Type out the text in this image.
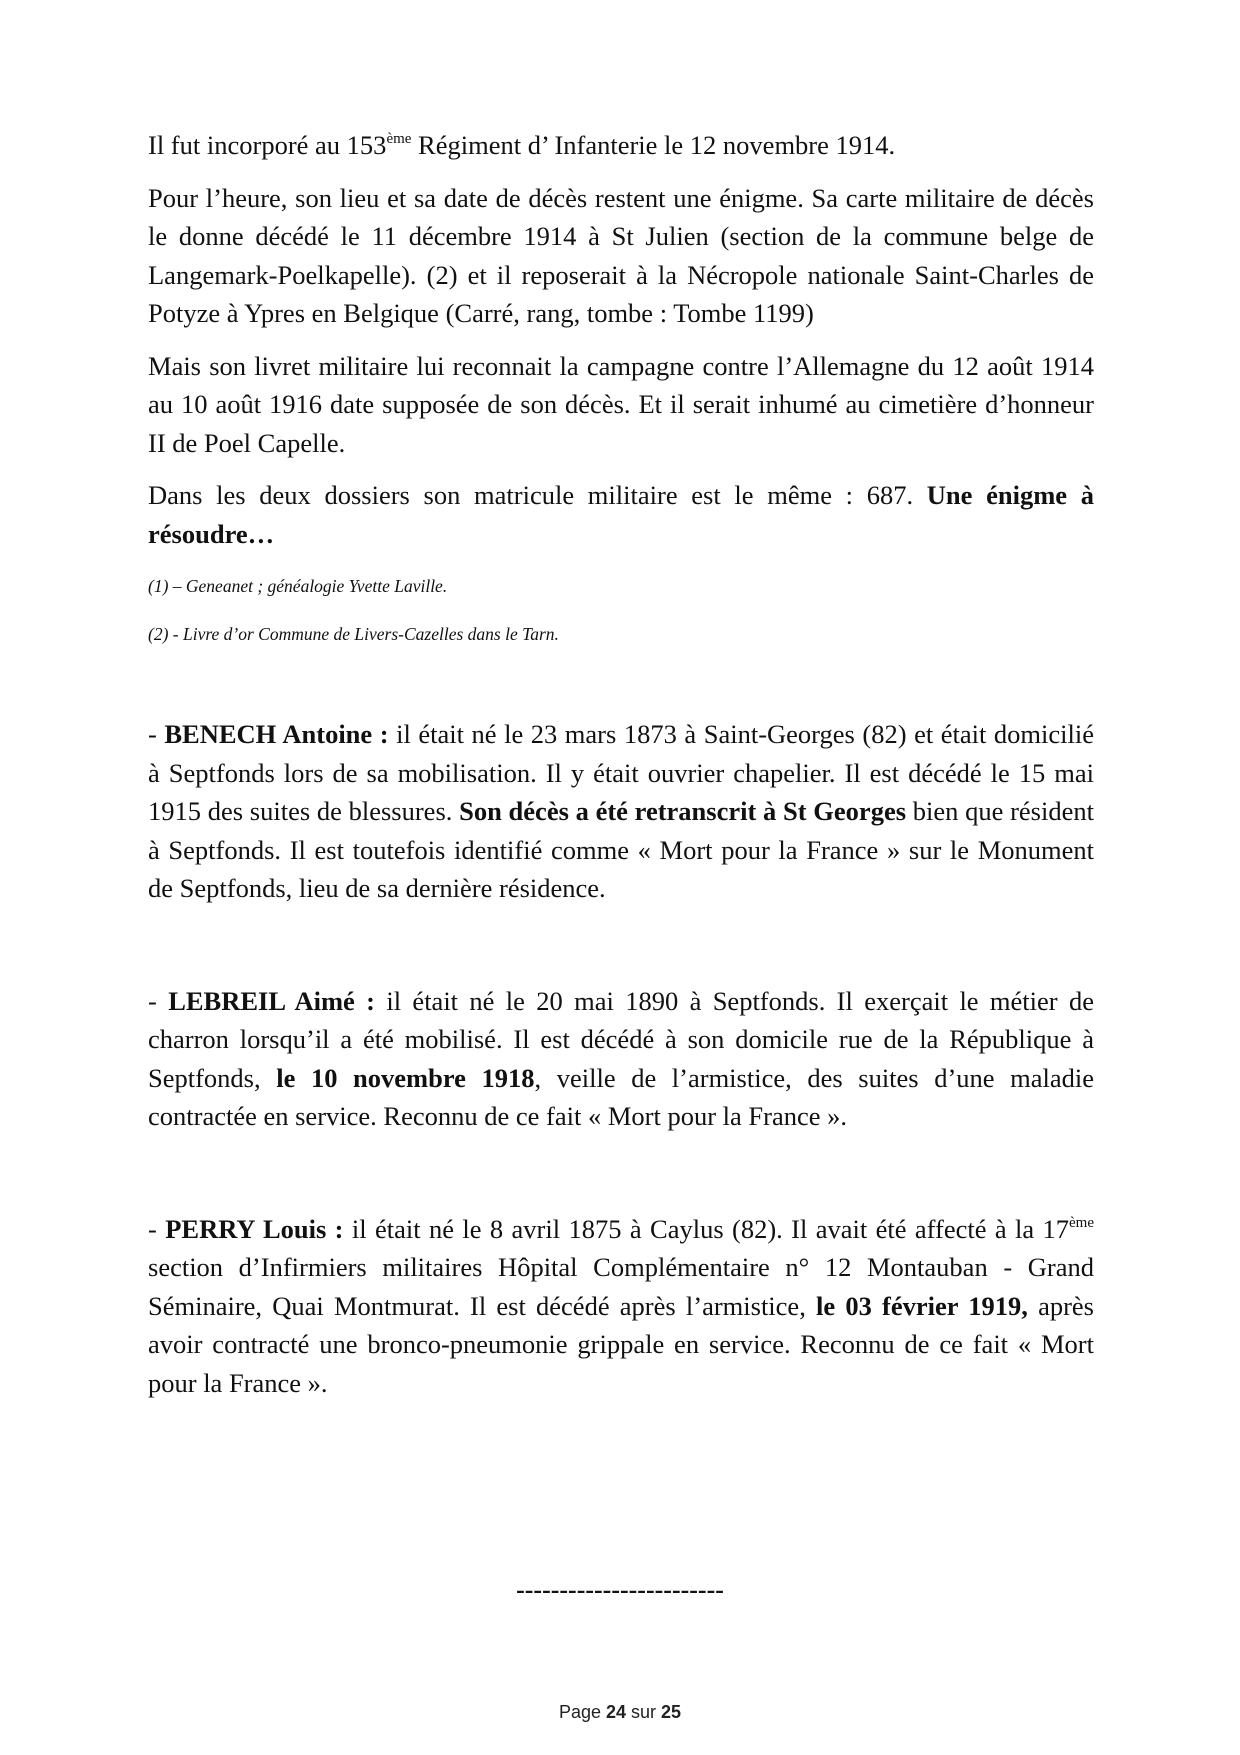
Il fut incorporé au 153ème Régiment d’ Infanterie le 12 novembre 1914.

Pour l’heure, son lieu et sa date de décès restent une énigme. Sa carte militaire de décès le donne décédé le 11 décembre 1914 à St Julien (section de la commune belge de Langemark-Poelkapelle). (2) et il reposerait à la Nécropole nationale Saint-Charles de Potyze à Ypres en Belgique (Carré, rang, tombe : Tombe 1199)

Mais son livret militaire lui reconnait la campagne contre l’Allemagne du 12 août 1914 au 10 août 1916 date supposée de son décès. Et il serait inhumé au cimetière d’honneur II de Poel Capelle.

Dans les deux dossiers son matricule militaire est le même : 687. Une énigme à résoudre…

(1) – Geneanet ; généalogie Yvette Laville.

(2) - Livre d’or Commune de Livers-Cazelles dans le Tarn.

- BENECH Antoine : il était né le 23 mars 1873 à Saint-Georges (82) et était domicilié à Septfonds lors de sa mobilisation. Il y était ouvrier chapelier. Il est décédé le 15 mai 1915 des suites de blessures. Son décès a été retranscrit à St Georges bien que résident à Septfonds. Il est toutefois identifié comme « Mort pour la France » sur le Monument de Septfonds, lieu de sa dernière résidence.

- LEBREIL Aimé : il était né le 20 mai 1890 à Septfonds. Il exerçait le métier de charron lorsqu’il a été mobilisé. Il est décédé à son domicile rue de la République à Septfonds, le 10 novembre 1918, veille de l’armistice, des suites d’une maladie contractée en service. Reconnu de ce fait « Mort pour la France ».

- PERRY Louis : il était né le 8 avril 1875 à Caylus (82). Il avait été affecté à la 17ème section d’Infirmiers militaires Hôpital Complémentaire n° 12 Montauban - Grand Séminaire, Quai Montmurat. Il est décédé après l’armistice, le 03 février 1919, après avoir contracté une bronco-pneumonie grippale en service. Reconnu de ce fait « Mort pour la France ».

------------------------
Page 24 sur 25
